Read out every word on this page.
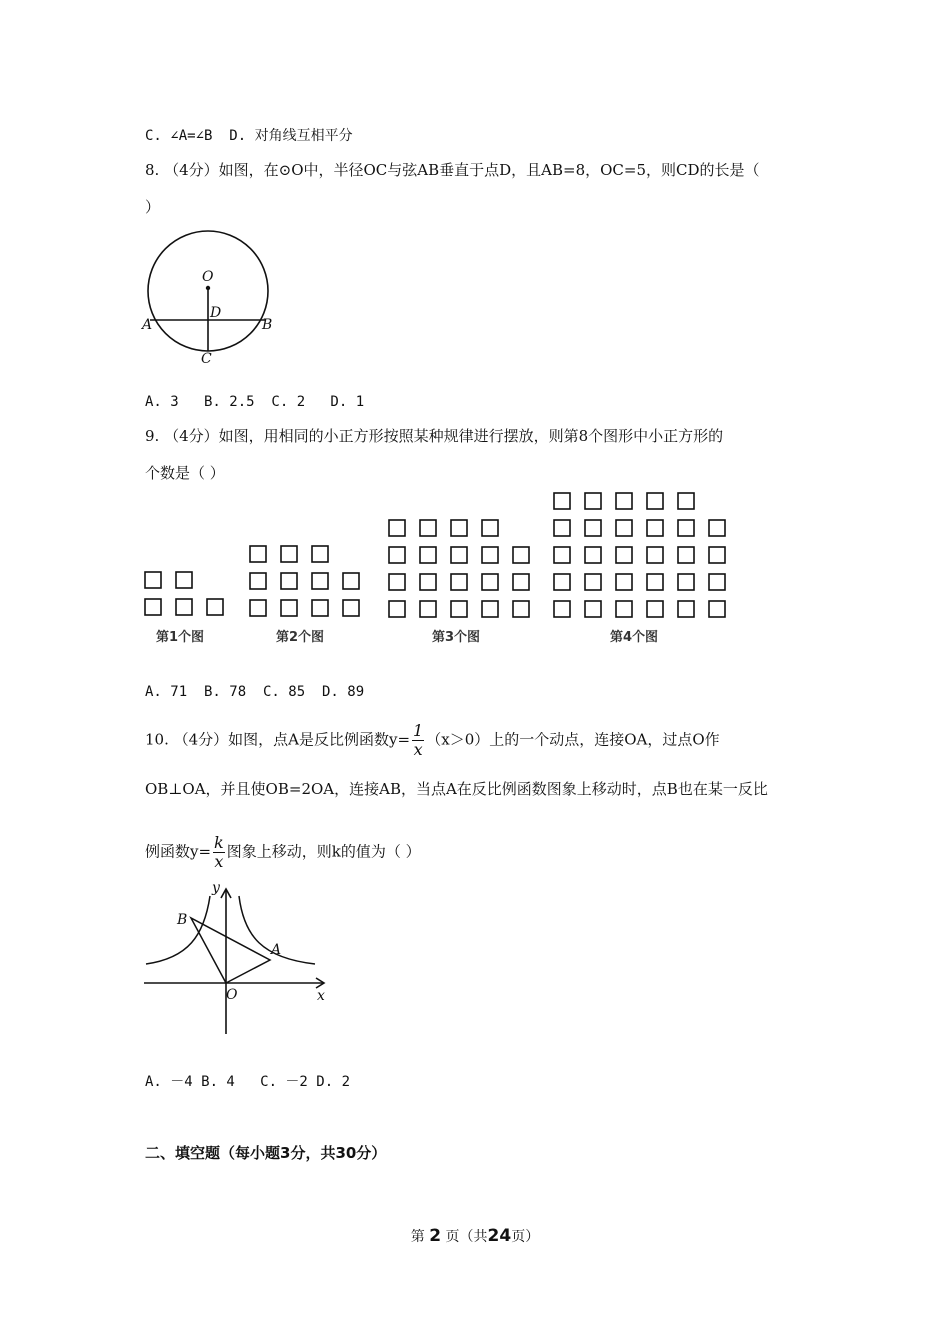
C. ∠A=∠B  D. 对角线互相平分
8. （4分）如图，在⊙O中，半径OC与弦AB垂直于点D，且AB=8，OC=5，则CD的长是（
）
O
D
A	B
C
A. 3   B. 2.5  C. 2   D. 1
9. （4分）如图，用相同的小正方形按照某种规律进行摆放，则第8个图形中小正方形的
个数是（ ）
第1个图	第2个图	第3个图	第4个图
A. 71  B. 78  C. 85  D. 89
10. （4分）如图，点A是反比例函数$y= \frac{1}{x} (x>0)$上的一个动点，连接OA，过点O作
OB⊥OA，并且使OB=2OA，连接AB，当点A在反比例函数图象上移动时，点B也在某一反比
例函数$y= \frac{k}{x}$ 图象上移动，则k的值为（ ）
y
x
O
A
B
A. －4 B. 4   C. －2 D. 2
二、填空题（每小题3分，共30分）
第 2 页（共24页）
